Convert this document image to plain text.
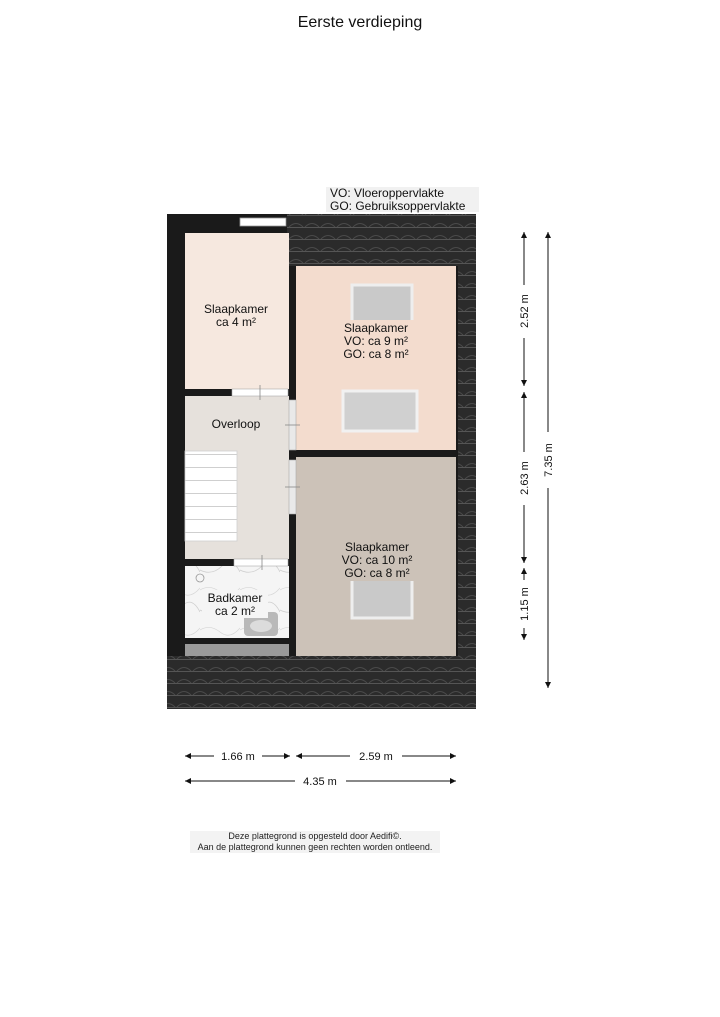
Eerste verdieping
VO: Vloeroppervlakte
GO: Gebruiksoppervlakte
Slaapkamer
ca 4 m²	Slaapkamer
VO: ca 9 m²
GO: ca 8 m²
Overloop
Slaapkamer
VO: ca 10 m²
GO: ca 8 m²
Badkamer
ca 2 m²
1.66 m	2.59 m
4.35 m
2.52 m
2.63 m
1.15 m
7.35 m
Deze plattegrond is opgesteld door Aedifi©.
Aan de plattegrond kunnen geen rechten worden ontleend.
